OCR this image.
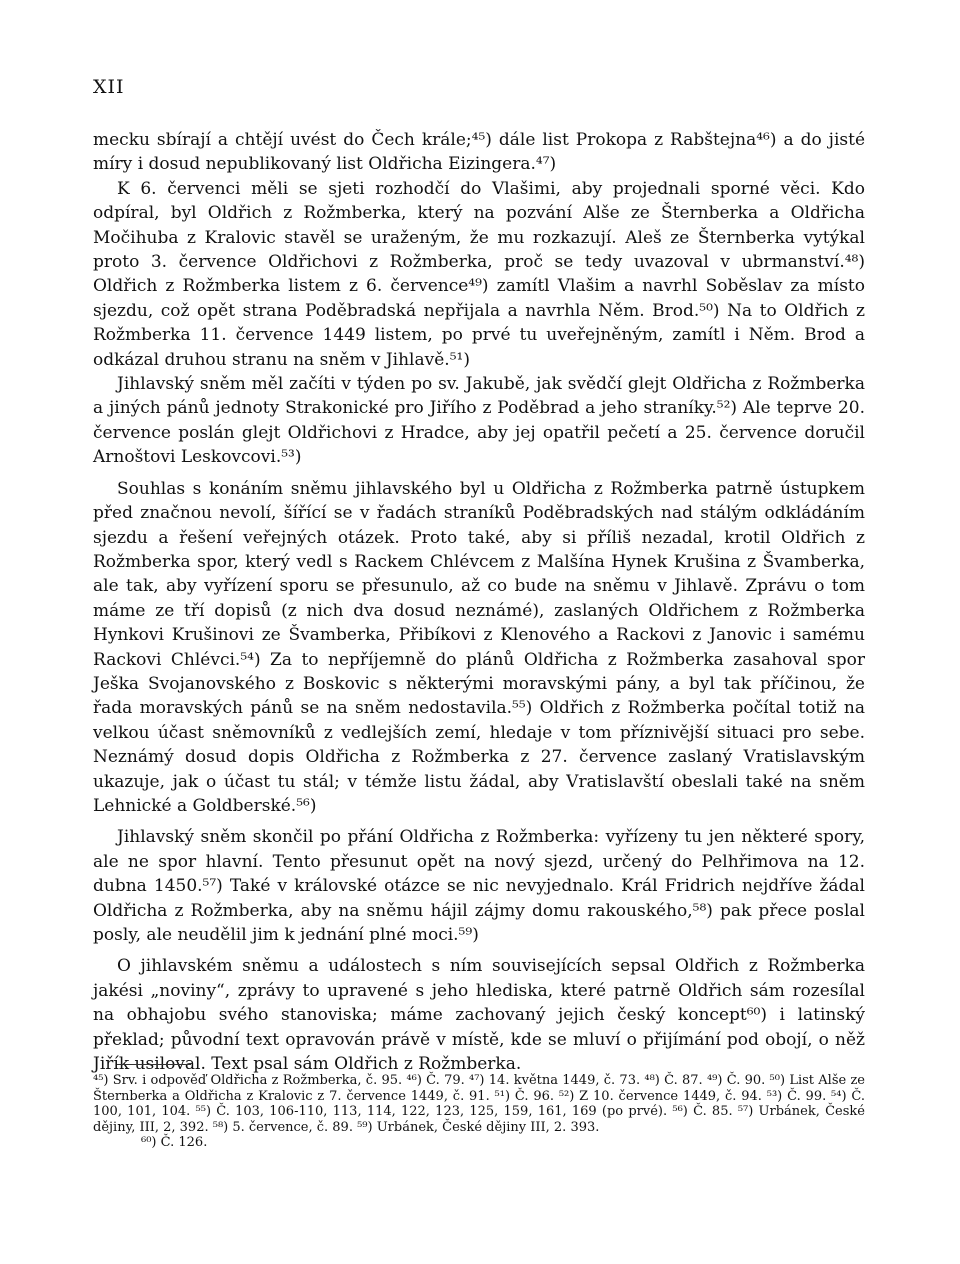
XII

mecku sbírají a chtějí uvést do Čech krále;⁴⁵) dále list Prokopa z Rabštejna⁴⁶) a do jisté míry i dosud nepublikovaný list Oldřicha Eizingera.⁴⁷)

K 6. červenci měli se sjeti rozhodčí do Vlašimi, aby projednali sporné věci. Kdo odpíral, byl Oldřich z Rožmberka, který na pozvání Alše ze Šternberka a Oldřicha Močihuba z Kralovic stavěl se uraženým, že mu rozkazují. Aleš ze Šternberka vytýkal proto 3. července Oldřichovi z Rožmberka, proč se tedy uvazoval v ubrmanství.⁴⁸) Oldřich z Rožmberka listem z 6. července⁴⁹) zamítl Vlašim a navrhl Soběslav za místo sjezdu, což opět strana Poděbradská nepřijala a navrhla Něm. Brod.⁵⁰) Na to Oldřich z Rožmberka 11. července 1449 listem, po prvé tu uveřejněným, zamítl i Něm. Brod a odkázal druhou stranu na sněm v Jihlavě.⁵¹)

Jihlavský sněm měl začíti v týden po sv. Jakubě, jak svědčí glejt Oldřicha z Rožmberka a jiných pánů jednoty Strakonické pro Jiřího z Poděbrad a jeho straníky.⁵²) Ale teprve 20. července poslán glejt Oldřichovi z Hradce, aby jej opatřil pečetí a 25. července doručil Arnoštovi Leskovcovi.⁵³)

Souhlas s konáním sněmu jihlavského byl u Oldřicha z Rožmberka patrně ústupkem před značnou nevolí, šířící se v řadách straníků Poděbradských nad stálým odkládáním sjezdu a řešení veřejných otázek. Proto také, aby si příliš nezadal, krotil Oldřich z Rožmberka spor, který vedl s Rackem Chlévcem z Malšína Hynek Krušina z Švamberka, ale tak, aby vyřízení sporu se přesunulo, až co bude na sněmu v Jihlavě. Zprávu o tom máme ze tří dopisů (z nich dva dosud neznámé), zaslaných Oldřichem z Rožmberka Hynkovi Krušinovi ze Švamberka, Přibíkovi z Klenového a Rackovi z Janovic i samému Rackovi Chlévci.⁵⁴) Za to nepříjemně do plánů Oldřicha z Rožmberka zasahoval spor Ješka Svojanovského z Boskovic s některými moravskými pány, a byl tak příčinou, že řada moravských pánů se na sněm nedostavila.⁵⁵) Oldřich z Rožmberka počítal totiž na velkou účast sněmovníků z vedlejších zemí, hledaje v tom příznivější situaci pro sebe. Neznámý dosud dopis Oldřicha z Rožmberka z 27. července zaslaný Vratislavským ukazuje, jak o účast tu stál; v témže listu žádal, aby Vratislavští obeslali také na sněm Lehnické a Goldberské.⁵⁶)

Jihlavský sněm skončil po přání Oldřicha z Rožmberka: vyřízeny tu jen některé spory, ale ne spor hlavní. Tento přesunut opět na nový sjezd, určený do Pelhřimova na 12. dubna 1450.⁵⁷) Také v královské otázce se nic nevyjednalo. Král Fridrich nejdříve žádal Oldřicha z Rožmberka, aby na sněmu hájil zájmy domu rakouského,⁵⁸) pak přece poslal posly, ale neudělil jim k jednání plné moci.⁵⁹)

O jihlavském sněmu a událostech s ním souvisejících sepsal Oldřich z Rožmberka jakési „noviny“, zprávy to upravené s jeho hlediska, které patrně Oldřich sám rozesílal na obhajobu svého stanoviska; máme zachovaný jejich český koncept⁶⁰) i latinský překlad; původní text opravován právě v místě, kde se mluví o přijímání pod obojí, o něž Jiřík usiloval. Text psal sám Oldřich z Rožmberka.

⁴⁵) Srv. i odpověď Oldřicha z Rožmberka, č. 95. ⁴⁶) Č. 79. ⁴⁷) 14. května 1449, č. 73. ⁴⁸) Č. 87. ⁴⁹) Č. 90. ⁵⁰) List Alše ze Šternberka a Oldřicha z Kralovic z 7. července 1449, č. 91. ⁵¹) Č. 96. ⁵²) Z 10. července 1449, č. 94. ⁵³) Č. 99. ⁵⁴) Č. 100, 101, 104. ⁵⁵) Č. 103, 106-110, 113, 114, 122, 123, 125, 159, 161, 169 (po prvé). ⁵⁶) Č. 85. ⁵⁷) Urbánek, České dějiny, III, 2, 392. ⁵⁸) 5. července, č. 89. ⁵⁹) Urbánek, České dějiny III, 2. 393.

⁶⁰) Č. 126.
